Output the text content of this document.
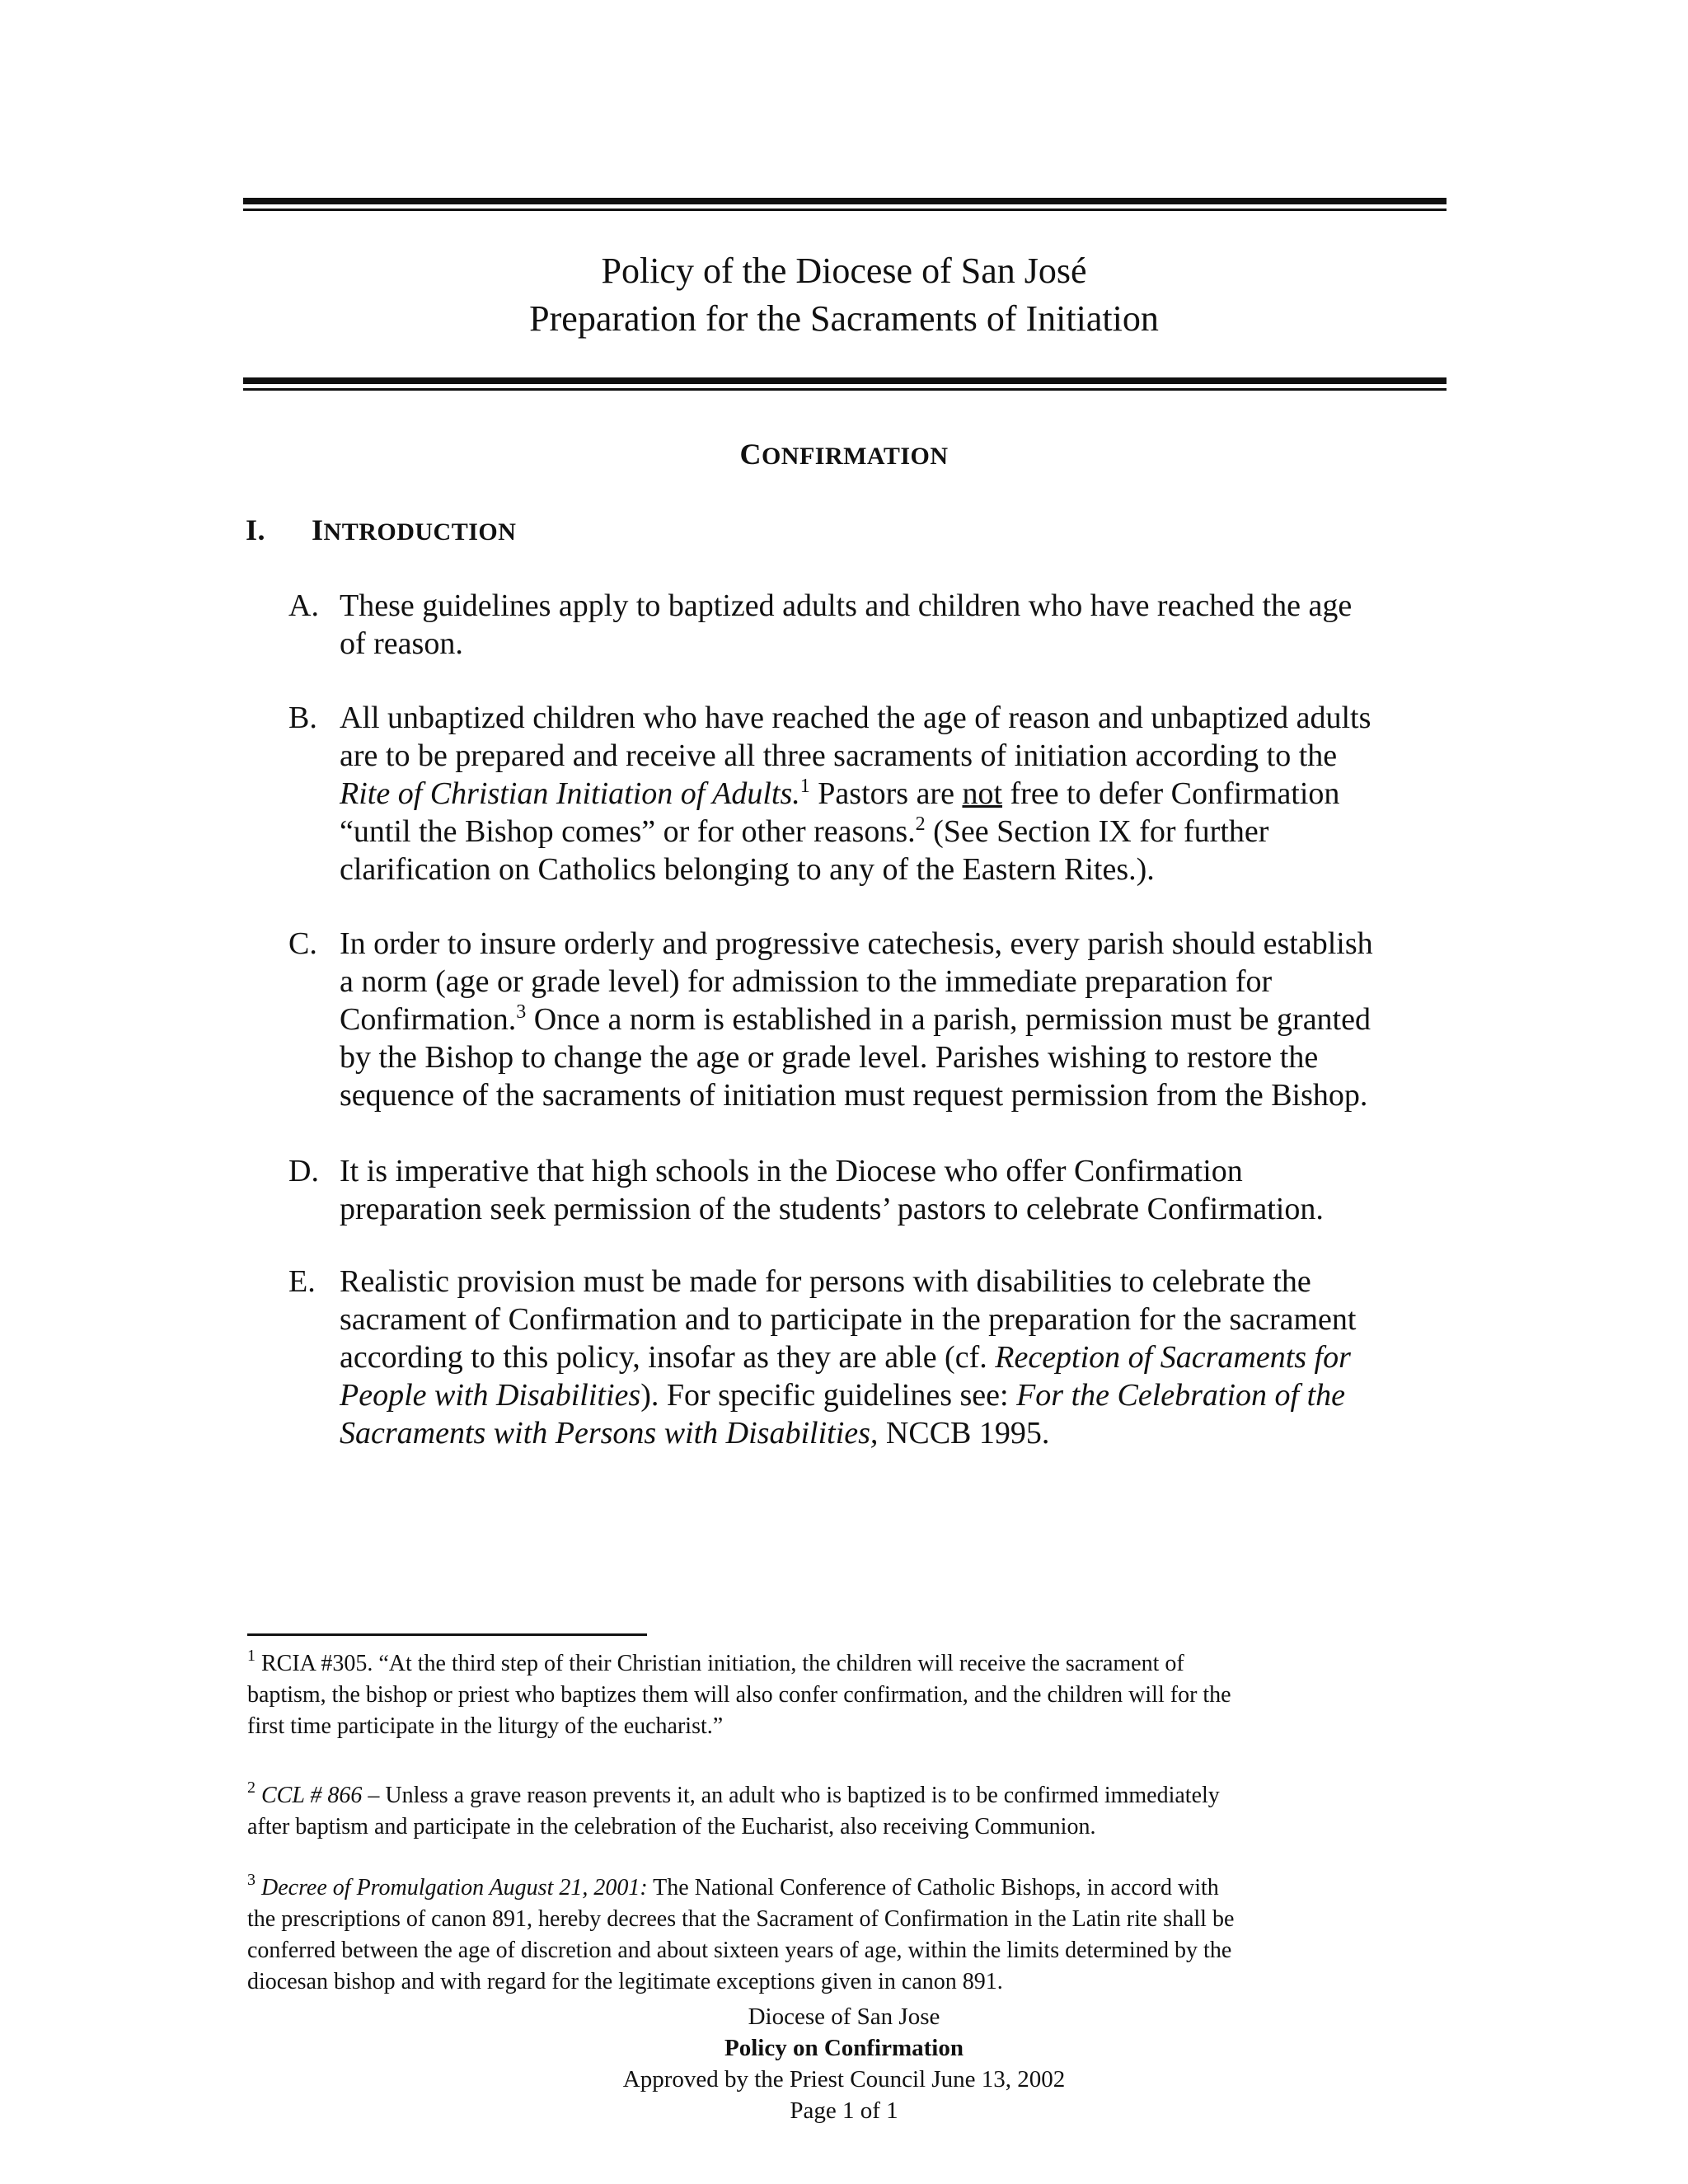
Policy of the Diocese of San José
Preparation for the Sacraments of Initiation
CONFIRMATION
I. INTRODUCTION
A. These guidelines apply to baptized adults and children who have reached the age
of reason.
B. All unbaptized children who have reached the age of reason and unbaptized adults
are to be prepared and receive all three sacraments of initiation according to the
Rite of Christian Initiation of Adults.$^1$ Pastors are not free to defer Confirmation
“until the Bishop comes” or for other reasons.$^2$ (See Section IX for further
clarification on Catholics belonging to any of the Eastern Rites.).
C. In order to insure orderly and progressive catechesis, every parish should establish
a norm (age or grade level) for admission to the immediate preparation for
Confirmation.$^3$ Once a norm is established in a parish, permission must be granted
by the Bishop to change the age or grade level. Parishes wishing to restore the
sequence of the sacraments of initiation must request permission from the Bishop.
D. It is imperative that high schools in the Diocese who offer Confirmation
preparation seek permission of the students’ pastors to celebrate Confirmation.
E. Realistic provision must be made for persons with disabilities to celebrate the
sacrament of Confirmation and to participate in the preparation for the sacrament
according to this policy, insofar as they are able (cf. Reception of Sacraments for
People with Disabilities). For specific guidelines see: For the Celebration of the
Sacraments with Persons with Disabilities, NCCB 1995.
$^1$ RCIA #305. “At the third step of their Christian initiation, the children will receive the sacrament of
baptism, the bishop or priest who baptizes them will also confer confirmation, and the children will for the
first time participate in the liturgy of the eucharist.”
$^2$ CCL # 866 – Unless a grave reason prevents it, an adult who is baptized is to be confirmed immediately
after baptism and participate in the celebration of the Eucharist, also receiving Communion.
$^3$ Decree of Promulgation August 21, 2001: The National Conference of Catholic Bishops, in accord with
the prescriptions of canon 891, hereby decrees that the Sacrament of Confirmation in the Latin rite shall be
conferred between the age of discretion and about sixteen years of age, within the limits determined by the
diocesan bishop and with regard for the legitimate exceptions given in canon 891.
Diocese of San Jose
Policy on Confirmation
Approved by the Priest Council June 13, 2002
Page 1 of 1
